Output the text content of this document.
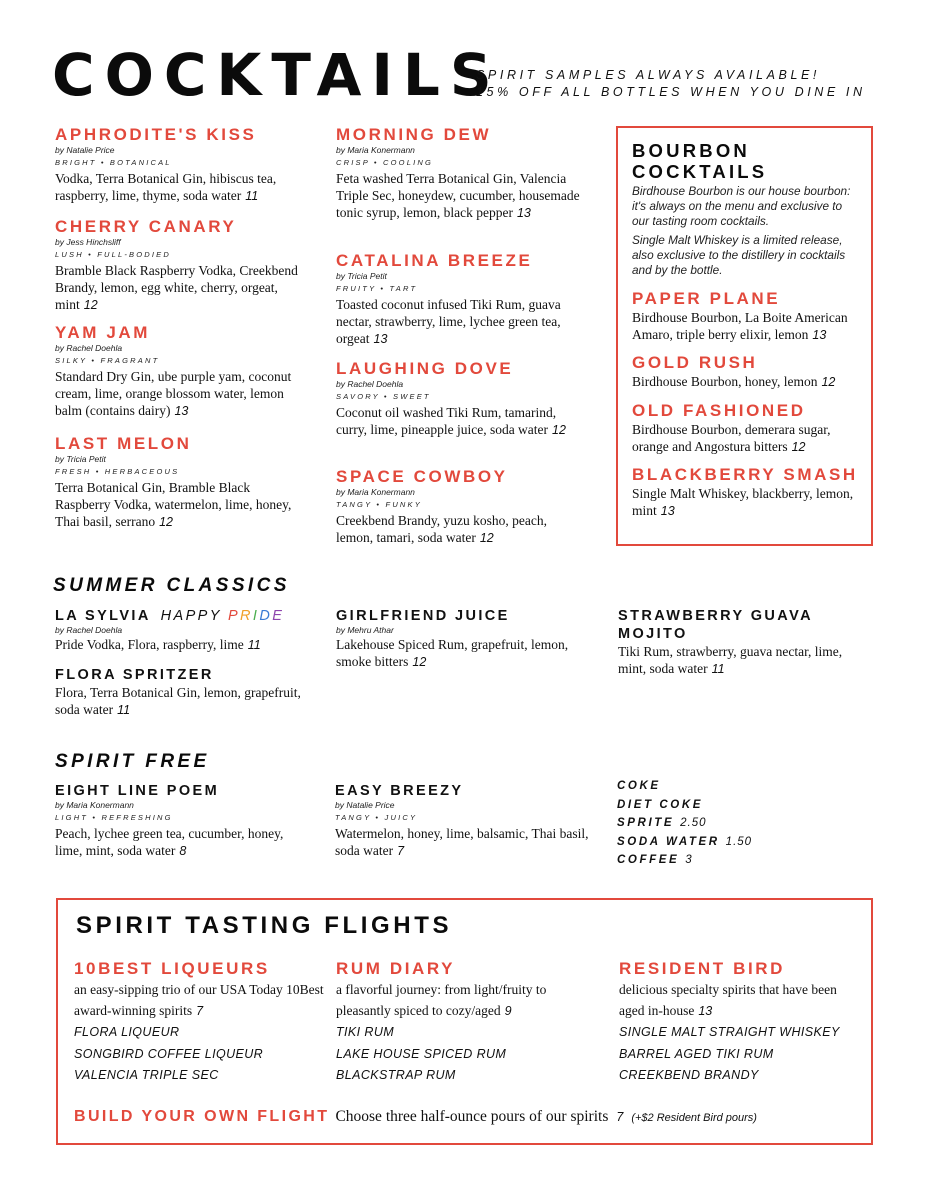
COCKTAILS
SPIRIT SAMPLES ALWAYS AVAILABLE!
15% OFF ALL BOTTLES WHEN YOU DINE IN
APHRODITE'S KISS
by Natalie Price
BRIGHT • BOTANICAL
Vodka, Terra Botanical Gin, hibiscus tea, raspberry, lime, thyme, soda water 11
CHERRY CANARY
by Jess Hinchsliff
LUSH • FULL-BODIED
Bramble Black Raspberry Vodka, Creekbend Brandy, lemon, egg white, cherry, orgeat, mint 12
YAM JAM
by Rachel Doehla
SILKY • FRAGRANT
Standard Dry Gin, ube purple yam, coconut cream, lime, orange blossom water, lemon balm (contains dairy) 13
LAST MELON
by Tricia Petit
FRESH • HERBACEOUS
Terra Botanical Gin, Bramble Black Raspberry Vodka, watermelon, lime, honey, Thai basil, serrano 12
MORNING DEW
by Maria Konermann
CRISP • COOLING
Feta washed Terra Botanical Gin, Valencia Triple Sec, honeydew, cucumber, housemade tonic syrup, lemon, black pepper 13
CATALINA BREEZE
by Tricia Petit
FRUITY • TART
Toasted coconut infused Tiki Rum, guava nectar, strawberry, lime, lychee green tea, orgeat 13
LAUGHING DOVE
by Rachel Doehla
SAVORY • SWEET
Coconut oil washed Tiki Rum, tamarind, curry, lime, pineapple juice, soda water 12
SPACE COWBOY
by Maria Konermann
TANGY • FUNKY
Creekbend Brandy, yuzu kosho, peach, lemon, tamari, soda water 12
BOURBON
COCKTAILS
Birdhouse Bourbon is our house bourbon: it's always on the menu and exclusive to our tasting room cocktails.
Single Malt Whiskey is a limited release, also exclusive to the distillery in cocktails and by the bottle.
PAPER PLANE
Birdhouse Bourbon, La Boite American Amaro, triple berry elixir, lemon 13
GOLD RUSH
Birdhouse Bourbon, honey, lemon 12
OLD FASHIONED
Birdhouse Bourbon, demerara sugar, orange and Angostura bitters 12
BLACKBERRY SMASH
Single Malt Whiskey, blackberry, lemon, mint 13
SUMMER CLASSICS
LA SYLVIA HAPPY PRIDE
by Rachel Doehla
Pride Vodka, Flora, raspberry, lime 11
FLORA SPRITZER
Flora, Terra Botanical Gin, lemon, grapefruit, soda water 11
GIRLFRIEND JUICE
by Mehru Athar
Lakehouse Spiced Rum, grapefruit, lemon, smoke bitters 12
STRAWBERRY GUAVA
MOJITO
Tiki Rum, strawberry, guava nectar, lime, mint, soda water 11
SPIRIT FREE
EIGHT LINE POEM
by Maria Konermann
LIGHT • REFRESHING
Peach, lychee green tea, cucumber, honey, lime, mint, soda water 8
EASY BREEZY
by Natalie Price
TANGY • JUICY
Watermelon, honey, lime, balsamic, Thai basil, soda water 7
COKE
DIET COKE
SPRITE 2.50
SODA WATER 1.50
COFFEE 3
SPIRIT TASTING FLIGHTS
10BEST LIQUEURS
an easy-sipping trio of our USA Today 10Best award-winning spirits 7
FLORA LIQUEUR
SONGBIRD COFFEE LIQUEUR
VALENCIA TRIPLE SEC
RUM DIARY
a flavorful journey: from light/fruity to pleasantly spiced to cozy/aged 9
TIKI RUM
LAKE HOUSE SPICED RUM
BLACKSTRAP RUM
RESIDENT BIRD
delicious specialty spirits that have been aged in-house 13
SINGLE MALT STRAIGHT WHISKEY
BARREL AGED TIKI RUM
CREEKBEND BRANDY
BUILD YOUR OWN FLIGHT Choose three half-ounce pours of our spirits 7 (+$2 Resident Bird pours)
